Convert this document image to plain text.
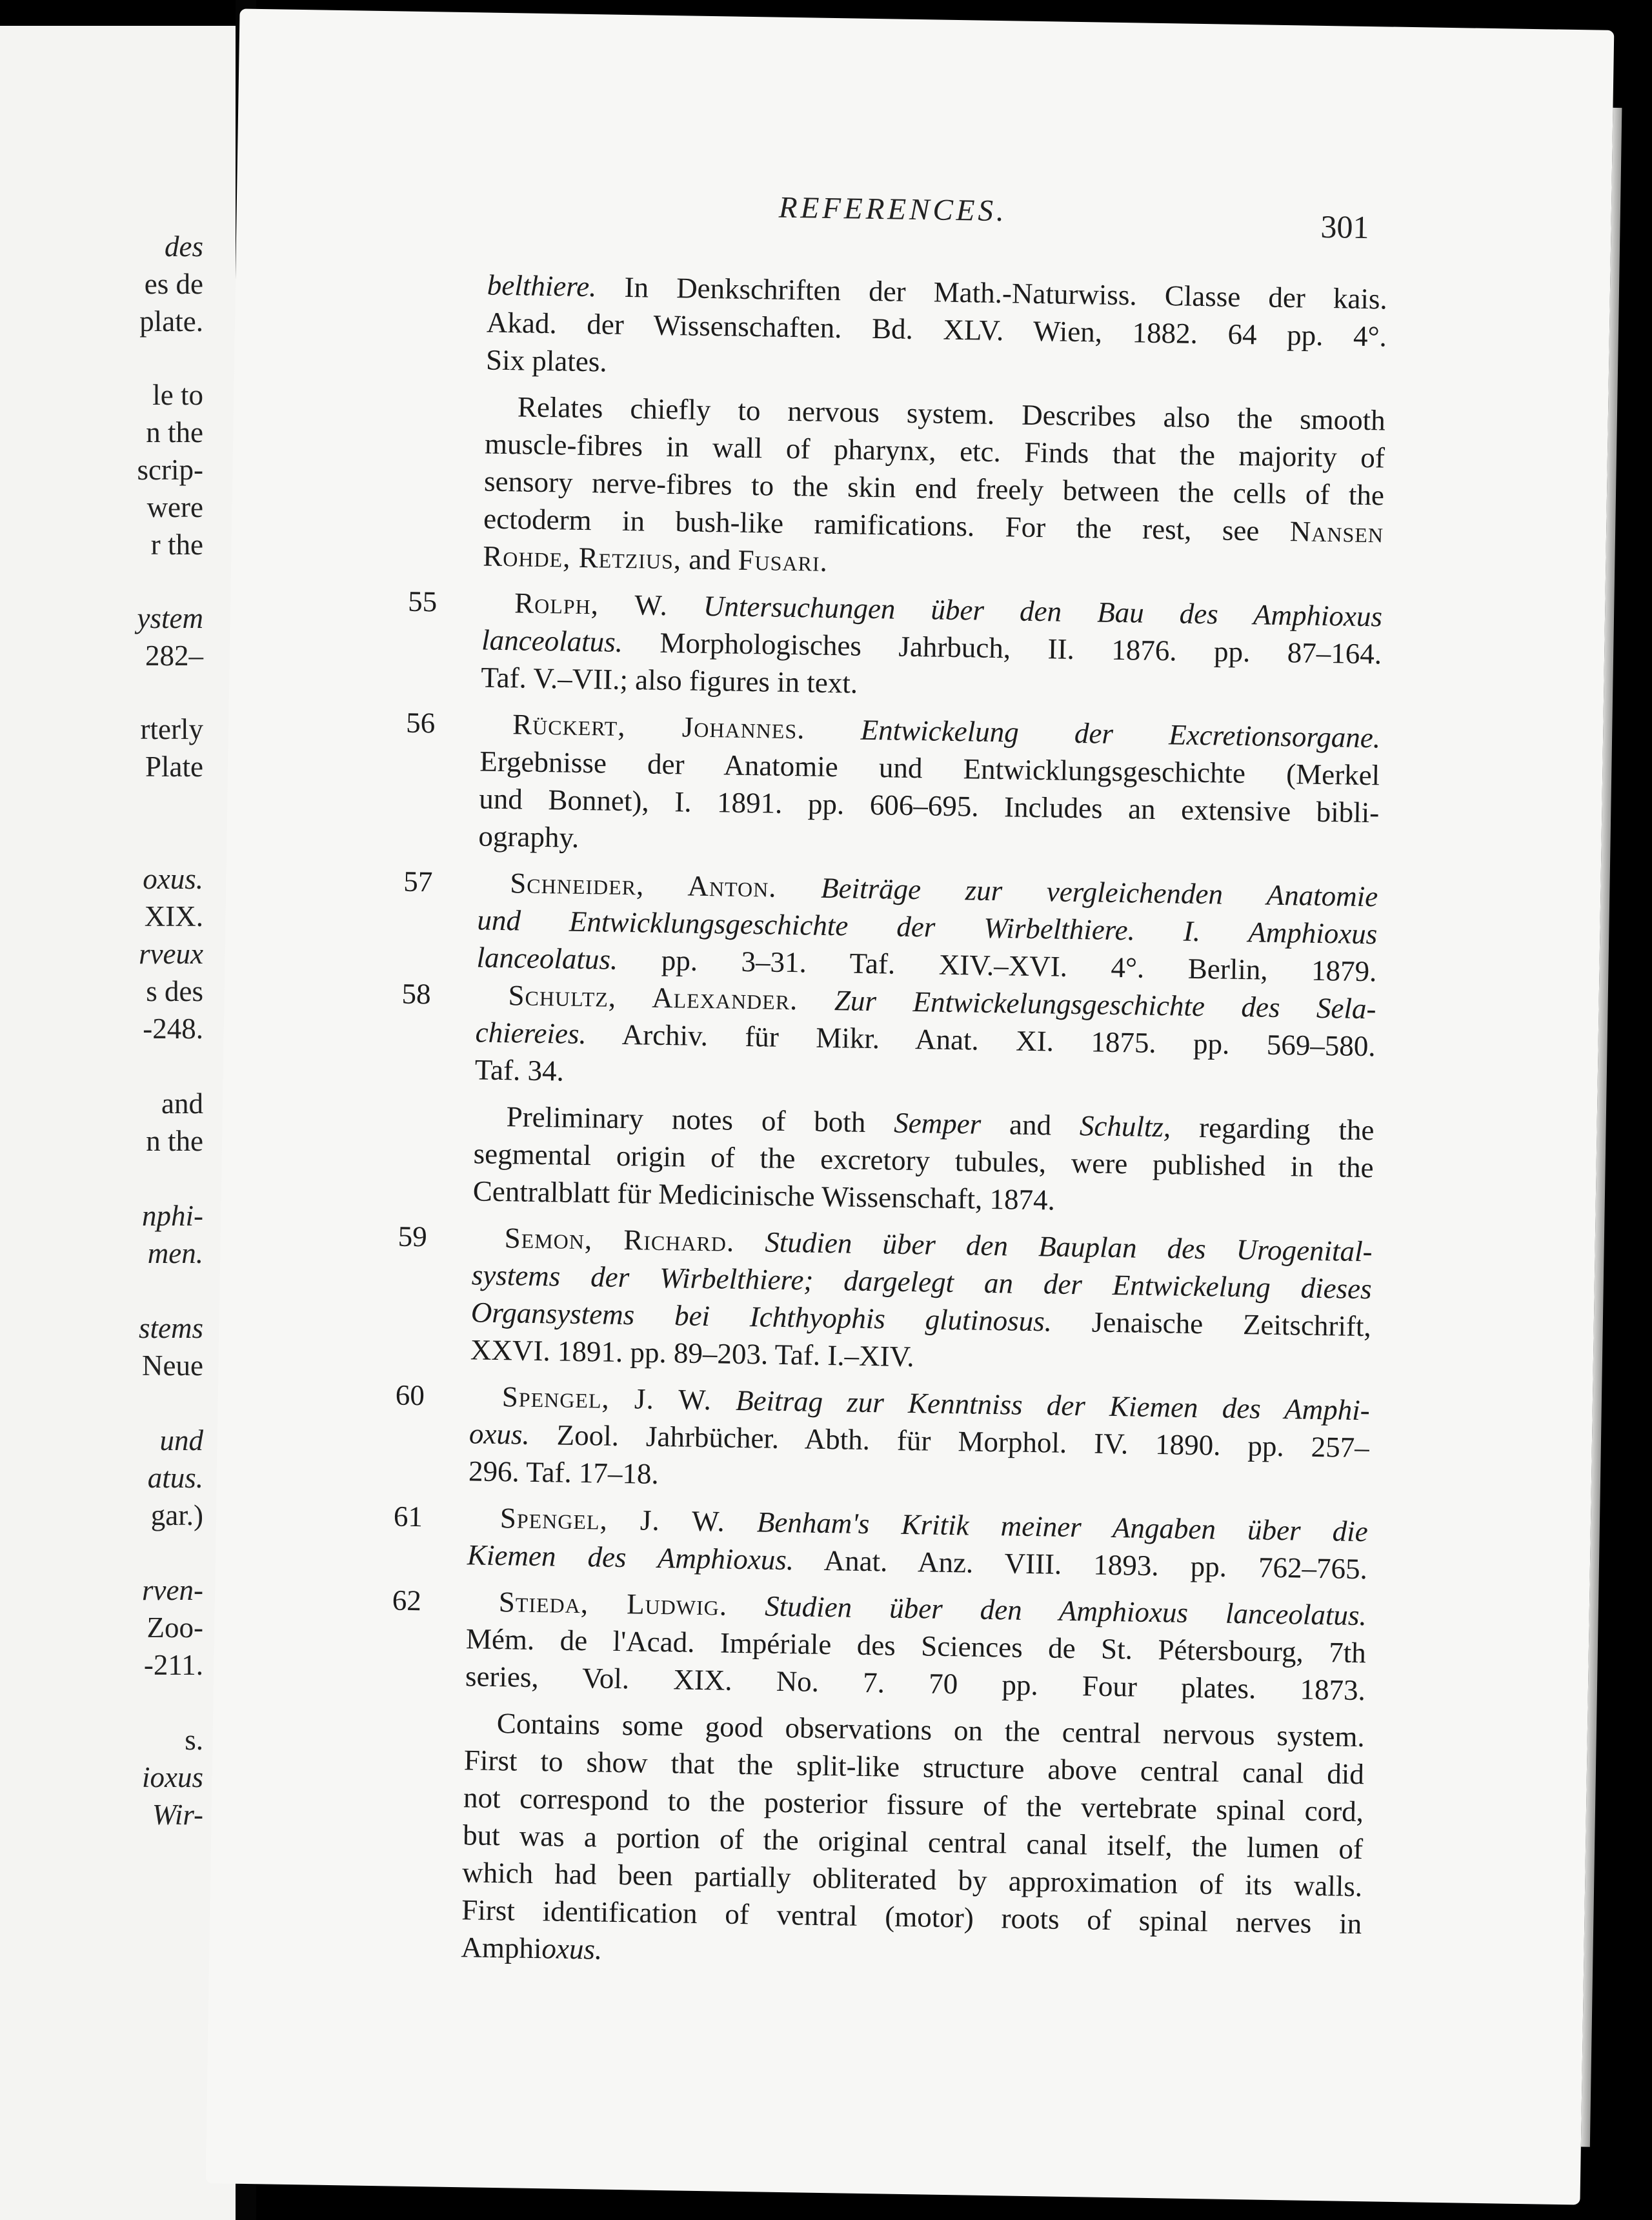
des
es de
plate.
le to
n the
scrip-
were
r the
ystem
282–
rterly
Plate
oxus.
XIX.
rveux
s des
-248.
and
n the
nphi-
men.
stems
Neue
und
atus.
gar.)
rven-
Zoo-
-211.
s.
ioxus
Wir-
REFERENCES.	301
belthiere. In Denkschriften der Math.-Naturwiss. Classe der kais.
Akad. der Wissenschaften. Bd. XLV. Wien, 1882. 64 pp. 4°.
Six plates.
Relates chiefly to nervous system. Describes also the smooth
muscle-fibres in wall of pharynx, etc. Finds that the majority of
sensory nerve-fibres to the skin end freely between the cells of the
ectoderm in bush-like ramifications. For the rest, see Nansen
Rohde, Retzius, and Fusari.
Rolph, W. Untersuchungen über den Bau des Amphioxus
lanceolatus. Morphologisches Jahrbuch, II. 1876. pp. 87–164.
Taf. V.–VII.; also figures in text.
Rückert, Johannes. Entwickelung der Excretionsorgane.
Ergebnisse der Anatomie und Entwicklungsgeschichte (Merkel
und Bonnet), I. 1891. pp. 606–695. Includes an extensive bibli-
ography.
Schneider, Anton. Beiträge zur vergleichenden Anatomie
und Entwicklungsgeschichte der Wirbelthiere. I. Amphioxus
lanceolatus. pp. 3–31. Taf. XIV.–XVI. 4°. Berlin, 1879.
Schultz, Alexander. Zur Entwickelungsgeschichte des Sela-
chiereies. Archiv. für Mikr. Anat. XI. 1875. pp. 569–580.
Taf. 34.
Preliminary notes of both Semper and Schultz, regarding the
segmental origin of the excretory tubules, were published in the
Centralblatt für Medicinische Wissenschaft, 1874.
Semon, Richard. Studien über den Bauplan des Urogenital-
systems der Wirbelthiere; dargelegt an der Entwickelung dieses
Organsystems bei Ichthyophis glutinosus. Jenaische Zeitschrift,
XXVI. 1891. pp. 89–203. Taf. I.–XIV.
Spengel, J. W. Beitrag zur Kenntniss der Kiemen des Amphi-
oxus. Zool. Jahrbücher. Abth. für Morphol. IV. 1890. pp. 257–
296. Taf. 17–18.
Spengel, J. W. Benham's Kritik meiner Angaben über die
Kiemen des Amphioxus. Anat. Anz. VIII. 1893. pp. 762–765.
Stieda, Ludwig. Studien über den Amphioxus lanceolatus.
Mém. de l'Acad. Impériale des Sciences de St. Pétersbourg, 7th
series, Vol. XIX. No. 7. 70 pp. Four plates. 1873.
Contains some good observations on the central nervous system.
First to show that the split-like structure above central canal did
not correspond to the posterior fissure of the vertebrate spinal cord,
but was a portion of the original central canal itself, the lumen of
which had been partially obliterated by approximation of its walls.
First identification of ventral (motor) roots of spinal nerves in
Amphioxus.
55
56
57
58
59
60
61
62
